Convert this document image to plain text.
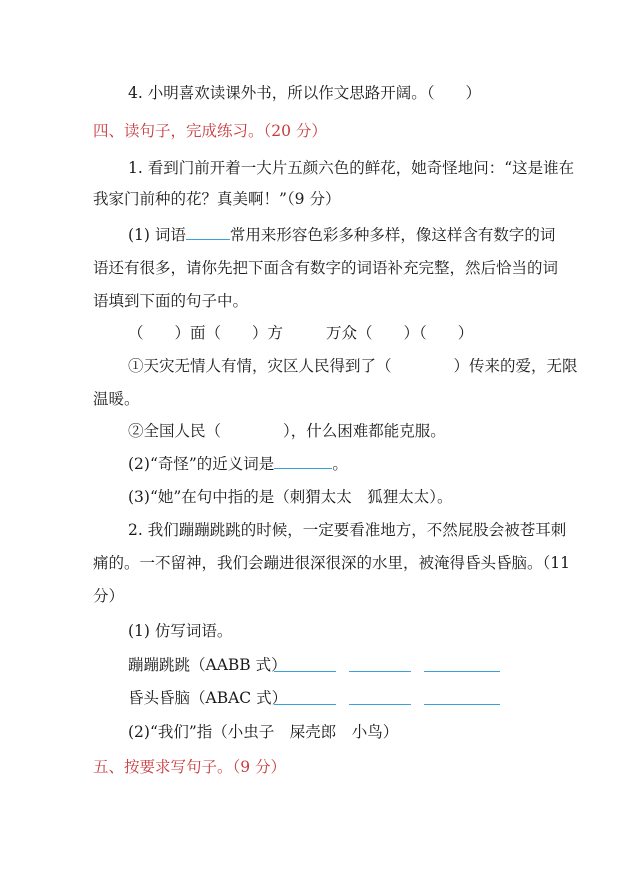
4. 小明喜欢读课外书，所以作文思路开阔。（　　）
四、读句子，完成练习。（20 分）
1. 看到门前开着一大片五颜六色的鲜花，她奇怪地问：“这是谁在
我家门前种的花？真美啊！”（9 分）
(1) 词语	常用来形容色彩多种多样，像这样含有数字的词
语还有很多，请你先把下面含有数字的词语补充完整，然后恰当的词
语填到下面的句子中。
（　　）面（　　）方	万众（　　）（　　）
①天灾无情人有情，灾区人民得到了（　　　　）传来的爱，无限
温暖。
②全国人民（　　　　），什么困难都能克服。
(2)“奇怪”的近义词是	。
(3)“她”在句中指的是（刺猬太太　狐狸太太）。
2. 我们蹦蹦跳跳的时候，一定要看准地方，不然屁股会被苍耳刺
痛的。一不留神，我们会蹦进很深很深的水里，被淹得昏头昏脑。（11
分）
(1) 仿写词语。
蹦蹦跳跳（AABB 式）
昏头昏脑（ABAC 式）
(2)“我们”指（小虫子　屎壳郎　小鸟）
五、按要求写句子。（9 分）
